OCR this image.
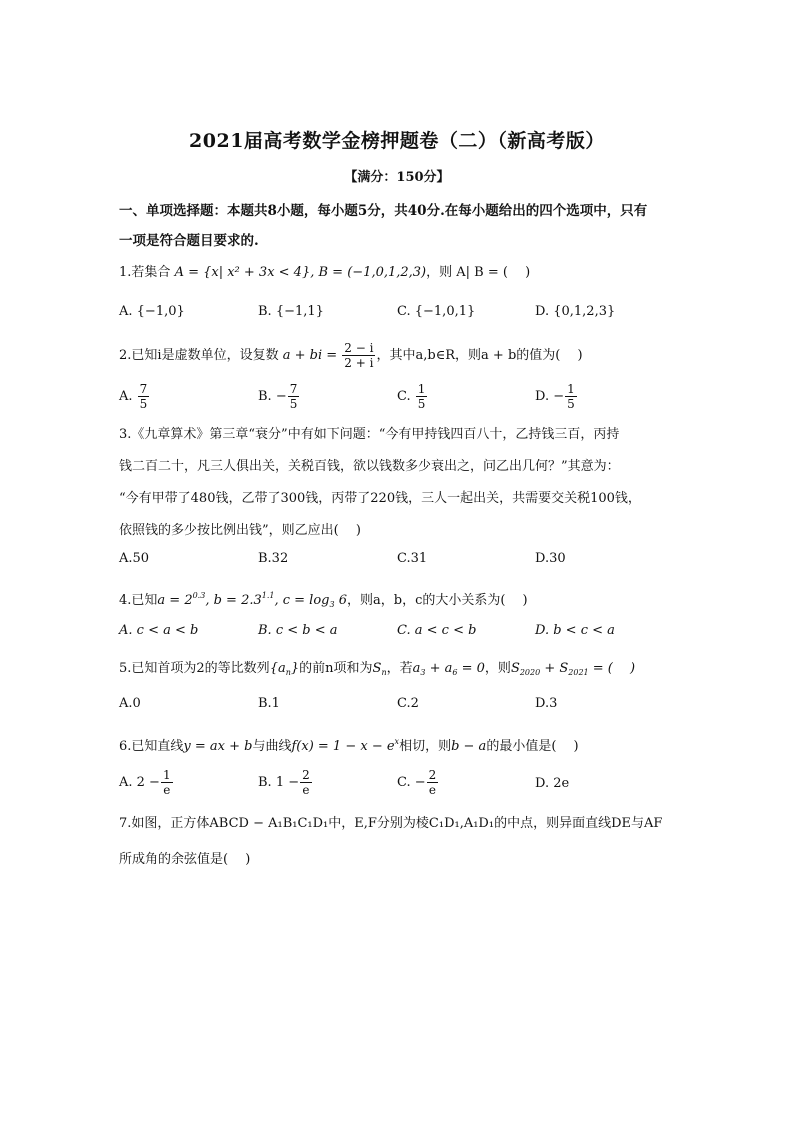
2021届高考数学金榜押题卷（二）（新高考版）
【满分：150分】
一、单项选择题：本题共8小题，每小题5分，共40分.在每小题给出的四个选项中，只有
一项是符合题目要求的.
1.若集合 A = {x| x² + 3x < 4}, B = (−1,0,1,2,3)，则 A| B = (　 )
A. {−1,0}	B. {−1,1}	C. {−1,0,1}	D. {0,1,2,3}
2.已知i是虚数单位，设复数 a + bi = $\frac{2 - i}{2 + i}$ ，其中a,b∈R，则a + b的值为(　 )
A. $\frac{7}{5}$	B. − $\frac{7}{5}$	C. $\frac{1}{5}$	D. − $\frac{1}{5}$
3.《九章算术》第三章“衰分”中有如下问题：“今有甲持钱四百八十，乙持钱三百，丙持
钱二百二十，凡三人俱出关，关税百钱，欲以钱数多少衰出之，问乙出几何？”其意为：
“今有甲带了480钱，乙带了300钱，丙带了220钱，三人一起出关，共需要交关税100钱，
依照钱的多少按比例出钱”，则乙应出(　 )
A.50	B.32	C.31	D.30
4.已知$a = 2^{0.3}$, $b = 2.3^{1.1}$, $c = \log_3 6$，则a，b，c的大小关系为(　 )
A. c < a < b	B. c < b < a	C. a < c < b	D. b < c < a
5.已知首项为2的等比数列$\{a_n\}$的前n项和为$S_n$，若$a_3 + a_6 = 0$，则$S_{2020} + S_{2021}$ = (　 )
A.0	B.1	C.2	D.3
6.已知直线y = ax + b与曲线$f(x) = 1 - x - e^x$相切，则b − a的最小值是(　 )
A. $2 - \frac{1}{e}$	B. $1 - \frac{2}{e}$	C. − $\frac{2}{e}$	D. 2e
7.如图，正方体ABCD − A₁B₁C₁D₁中，E,F分别为棱C₁D₁,A₁D₁的中点，则异面直线DE与AF
所成角的余弦值是(　 )
